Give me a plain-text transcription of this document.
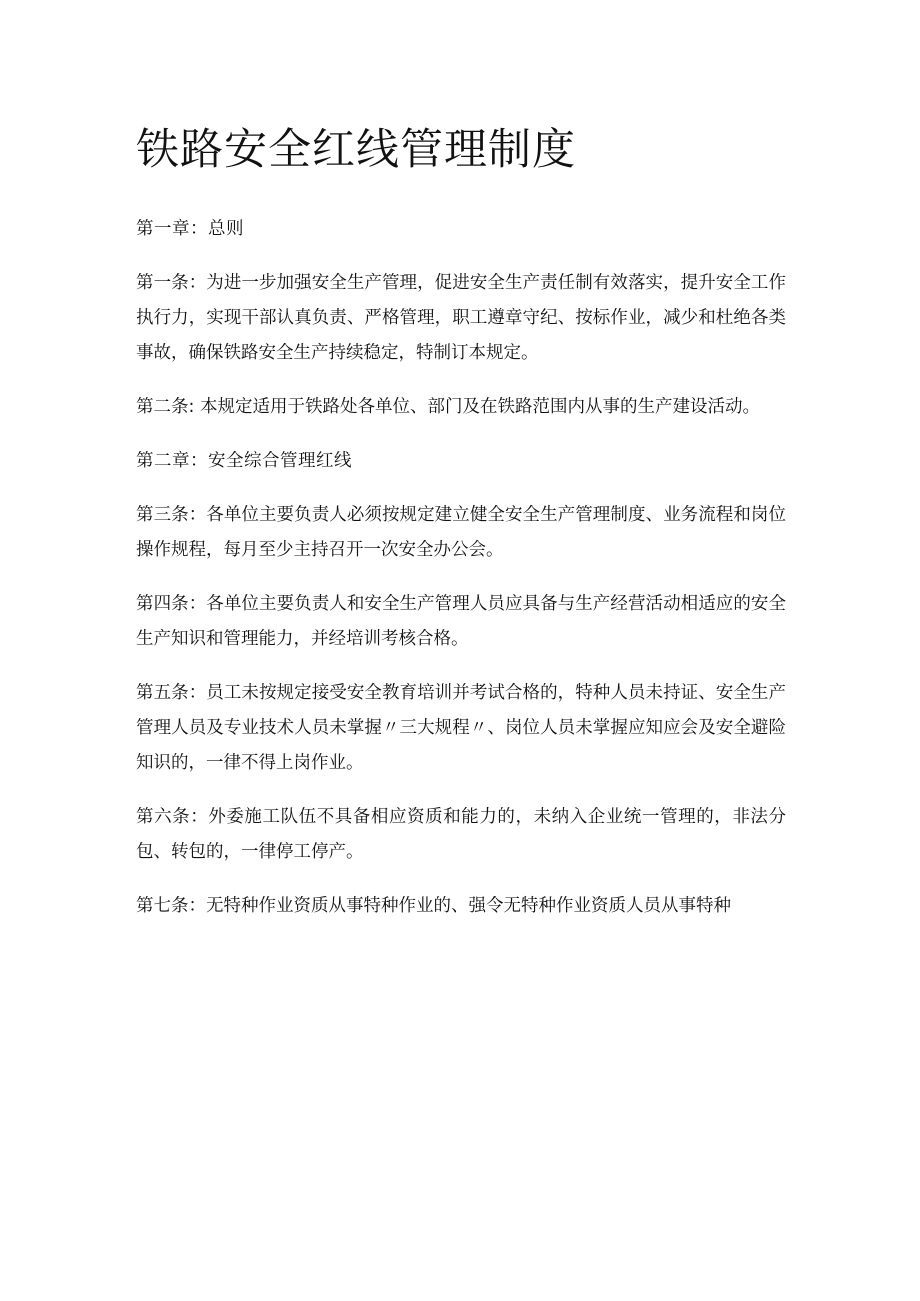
铁路安全红线管理制度

第一章：总则

第一条：为进一步加强安全生产管理，促进安全生产责任制有效落实，提升安全工作执行力，实现干部认真负责、严格管理，职工遵章守纪、按标作业，减少和杜绝各类事故，确保铁路安全生产持续稳定，特制订本规定。

第二条: 本规定适用于铁路处各单位、部门及在铁路范围内从事的生产建设活动。

第二章：安全综合管理红线

第三条：各单位主要负责人必须按规定建立健全安全生产管理制度、业务流程和岗位操作规程，每月至少主持召开一次安全办公会。

第四条：各单位主要负责人和安全生产管理人员应具备与生产经营活动相适应的安全生产知识和管理能力，并经培训考核合格。

第五条：员工未按规定接受安全教育培训并考试合格的，特种人员未持证、安全生产管理人员及专业技术人员未掌握〃三大规程〃、岗位人员未掌握应知应会及安全避险知识的，一律不得上岗作业。

第六条：外委施工队伍不具备相应资质和能力的，未纳入企业统一管理的，非法分包、转包的，一律停工停产。

第七条：无特种作业资质从事特种作业的、强令无特种作业资质人员从事特种
